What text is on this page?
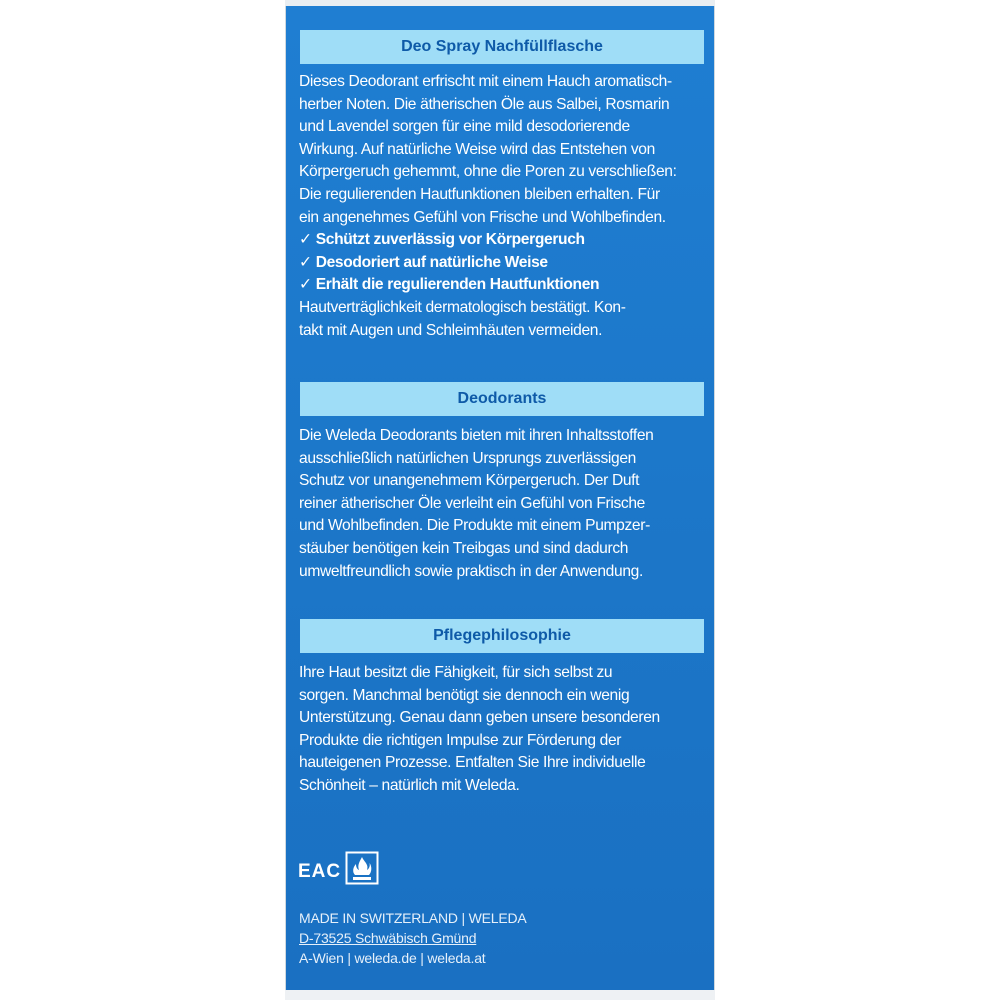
Deo Spray Nachfüllflasche
Dieses Deodorant erfrischt mit einem Hauch aromatisch-
herber Noten. Die ätherischen Öle aus Salbei, Rosmarin
und Lavendel sorgen für eine mild desodorierende
Wirkung. Auf natürliche Weise wird das Entstehen von
Körpergeruch gehemmt, ohne die Poren zu verschließen:
Die regulierenden Hautfunktionen bleiben erhalten. Für
ein angenehmes Gefühl von Frische und Wohlbefinden.
✓ Schützt zuverlässig vor Körpergeruch
✓ Desodoriert auf natürliche Weise
✓ Erhält die regulierenden Hautfunktionen
Hautverträglichkeit dermatologisch bestätigt. Kon-
takt mit Augen und Schleimhäuten vermeiden.
Deodorants
Die Weleda Deodorants bieten mit ihren Inhaltsstoffen
ausschließlich natürlichen Ursprungs zuverlässigen
Schutz vor unangenehmem Körpergeruch. Der Duft
reiner ätherischer Öle verleiht ein Gefühl von Frische
und Wohlbefinden. Die Produkte mit einem Pumpzer-
stäuber benötigen kein Treibgas und sind dadurch
umweltfreundlich sowie praktisch in der Anwendung.
Pflegephilosophie
Ihre Haut besitzt die Fähigkeit, für sich selbst zu
sorgen. Manchmal benötigt sie dennoch ein wenig
Unterstützung. Genau dann geben unsere besonderen
Produkte die richtigen Impulse zur Förderung der
hauteigenen Prozesse. Entfalten Sie Ihre individuelle
Schönheit – natürlich mit Weleda.
EAC
MADE IN SWITZERLAND | WELEDA
D-73525 Schwäbisch Gmünd
A-Wien | weleda.de | weleda.at
